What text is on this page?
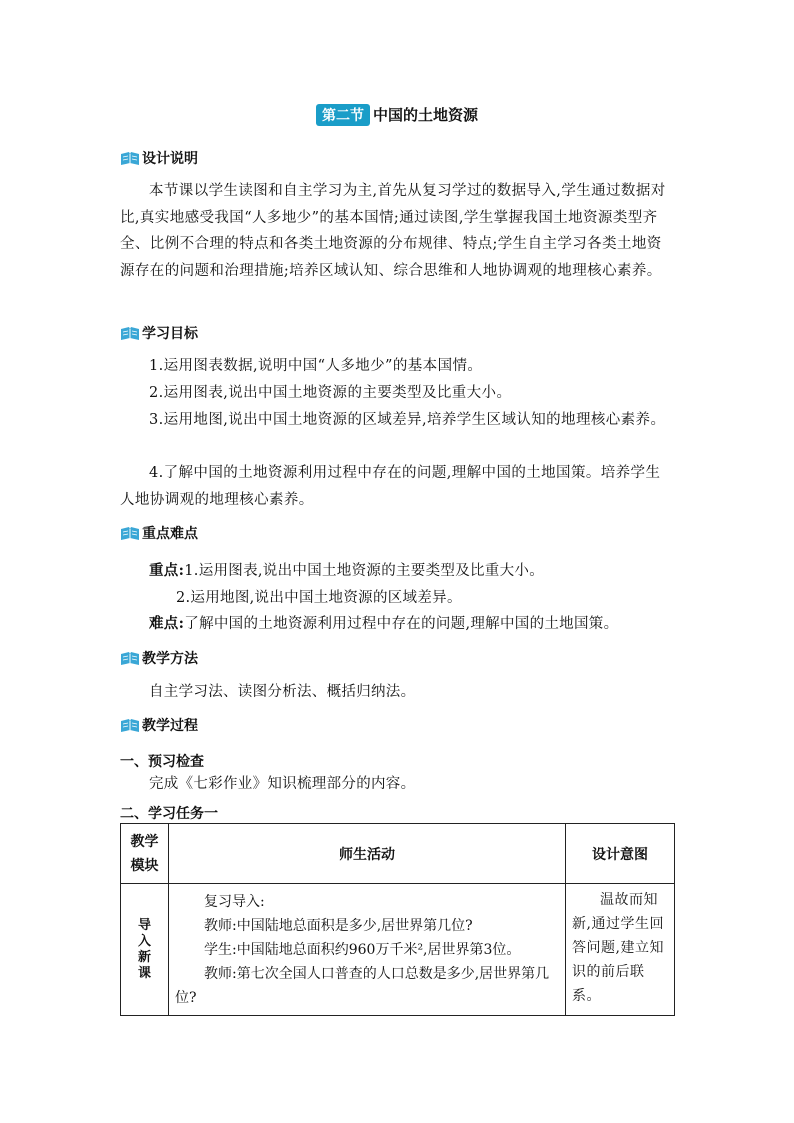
第二节 中国的土地资源
设计说明
本节课以学生读图和自主学习为主,首先从复习学过的数据导入,学生通过数据对比,真实地感受我国“人多地少”的基本国情;通过读图,学生掌握我国土地资源类型齐全、比例不合理的特点和各类土地资源的分布规律、特点;学生自主学习各类土地资源存在的问题和治理措施;培养区域认知、综合思维和人地协调观的地理核心素养。
学习目标
1.运用图表数据,说明中国“人多地少”的基本国情。
2.运用图表,说出中国土地资源的主要类型及比重大小。
3.运用地图,说出中国土地资源的区域差异,培养学生区域认知的地理核心素养。
4.了解中国的土地资源利用过程中存在的问题,理解中国的土地国策。培养学生人地协调观的地理核心素养。
重点难点
重点:1.运用图表,说出中国土地资源的主要类型及比重大小。
2.运用地图,说出中国土地资源的区域差异。
难点:了解中国的土地资源利用过程中存在的问题,理解中国的土地国策。
教学方法
自主学习法、读图分析法、概括归纳法。
教学过程
一、预习检查
完成《七彩作业》知识梳理部分的内容。
二、学习任务一
教学模块	师生活动	设计意图
导入新课	复习导入:

教师:中国陆地总面积是多少,居世界第几位?

学生:中国陆地总面积约960万千米²,居世界第3位。

教师:第七次全国人口普查的人口总数是多少,居世界第几位?	温故而知新,通过学生回答问题,建立知识的前后联系。
